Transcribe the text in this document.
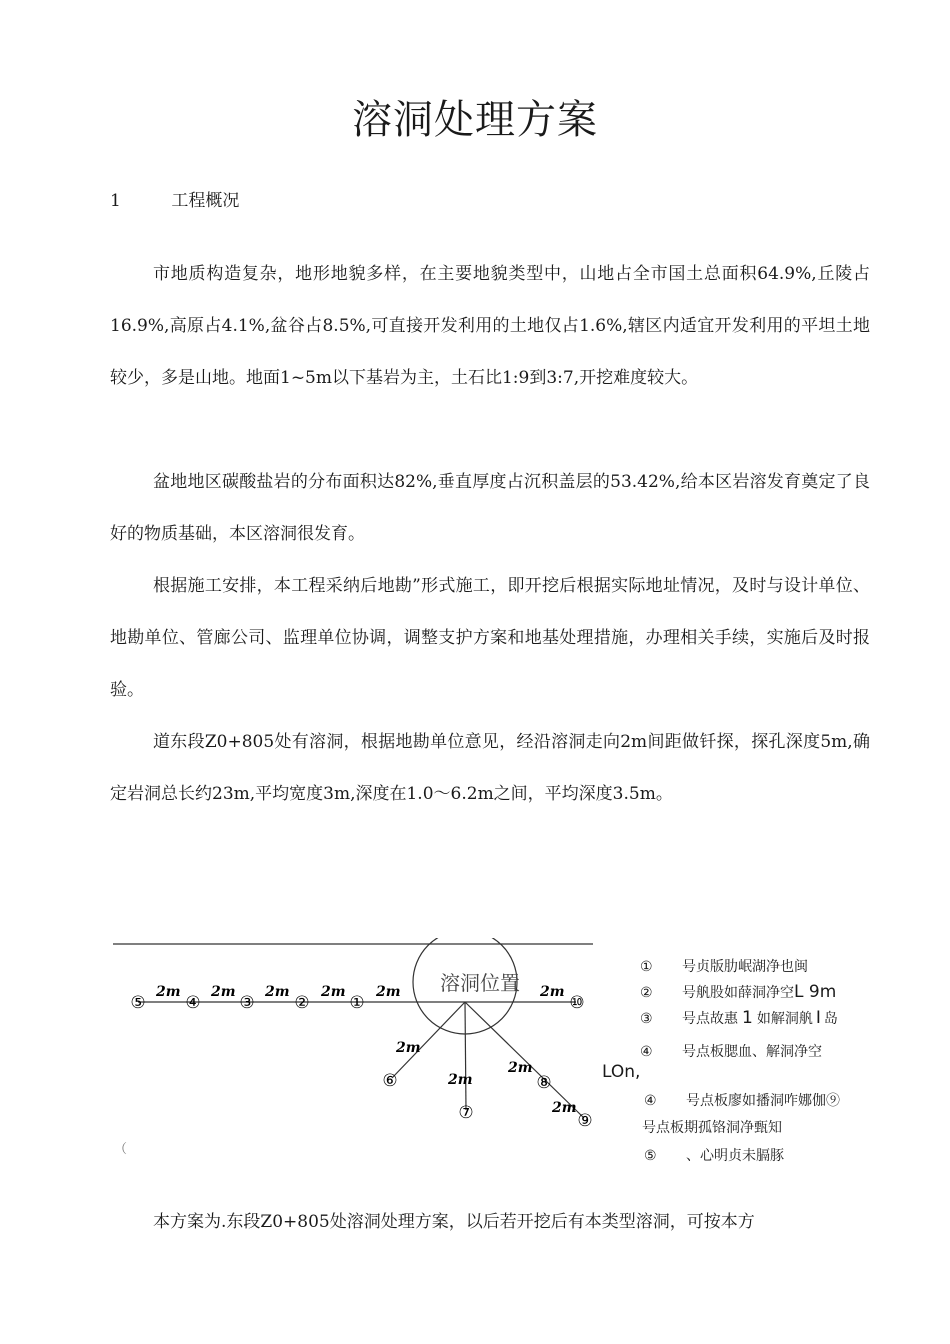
溶洞处理方案
1	工程概况

市地质构造复杂，地形地貌多样，在主要地貌类型中，山地占全市国土总面积64.9%,丘陵占16.9%,高原占4.1%,盆谷占8.5%,可直接开发利用的土地仅占1.6%,辖区内适宜开发利用的平坦土地较少，多是山地。地面1~5m以下基岩为主，土石比1:9到3:7,开挖难度较大。

盆地地区碳酸盐岩的分布面积达82%,垂直厚度占沉积盖层的53.42%,给本区岩溶发育奠定了良好的物质基础，本区溶洞很发育。

根据施工安排，本工程采纳后地勘”形式施工，即开挖后根据实际地址情况，及时与设计单位、地勘单位、管廊公司、监理单位协调，调整支护方案和地基处理措施，办理相关手续，实施后及时报验。

道东段Z0+805处有溶洞，根据地勘单位意见，经沿溶洞走向2m间距做钎探，探孔深度5m,确定岩洞总长约23m,平均宽度3m,深度在1.0〜6.2m之间，平均深度3.5m。

溶洞位置
2m 2m 2m 2m 2m	2m
2m
2m
2m
2m
⑤ ④ ③ ② ①	⑩
⑥
⑦
⑧
⑨
（
① 号贞版肋岷湖净也闽
② 号舧股如薛洞净空L 9m
③ 号点故惠 1 如解洞舧 I 岛
④ 号点板腮血、解洞净空
④ 号点板廖如播洞咋娜伽⑨
号点板期孤铬洞净甄知
⑤ 、心明贞未膈豚
LOn,

本方案为.东段Z0+805处溶洞处理方案，以后若开挖后有本类型溶洞，可按本方
